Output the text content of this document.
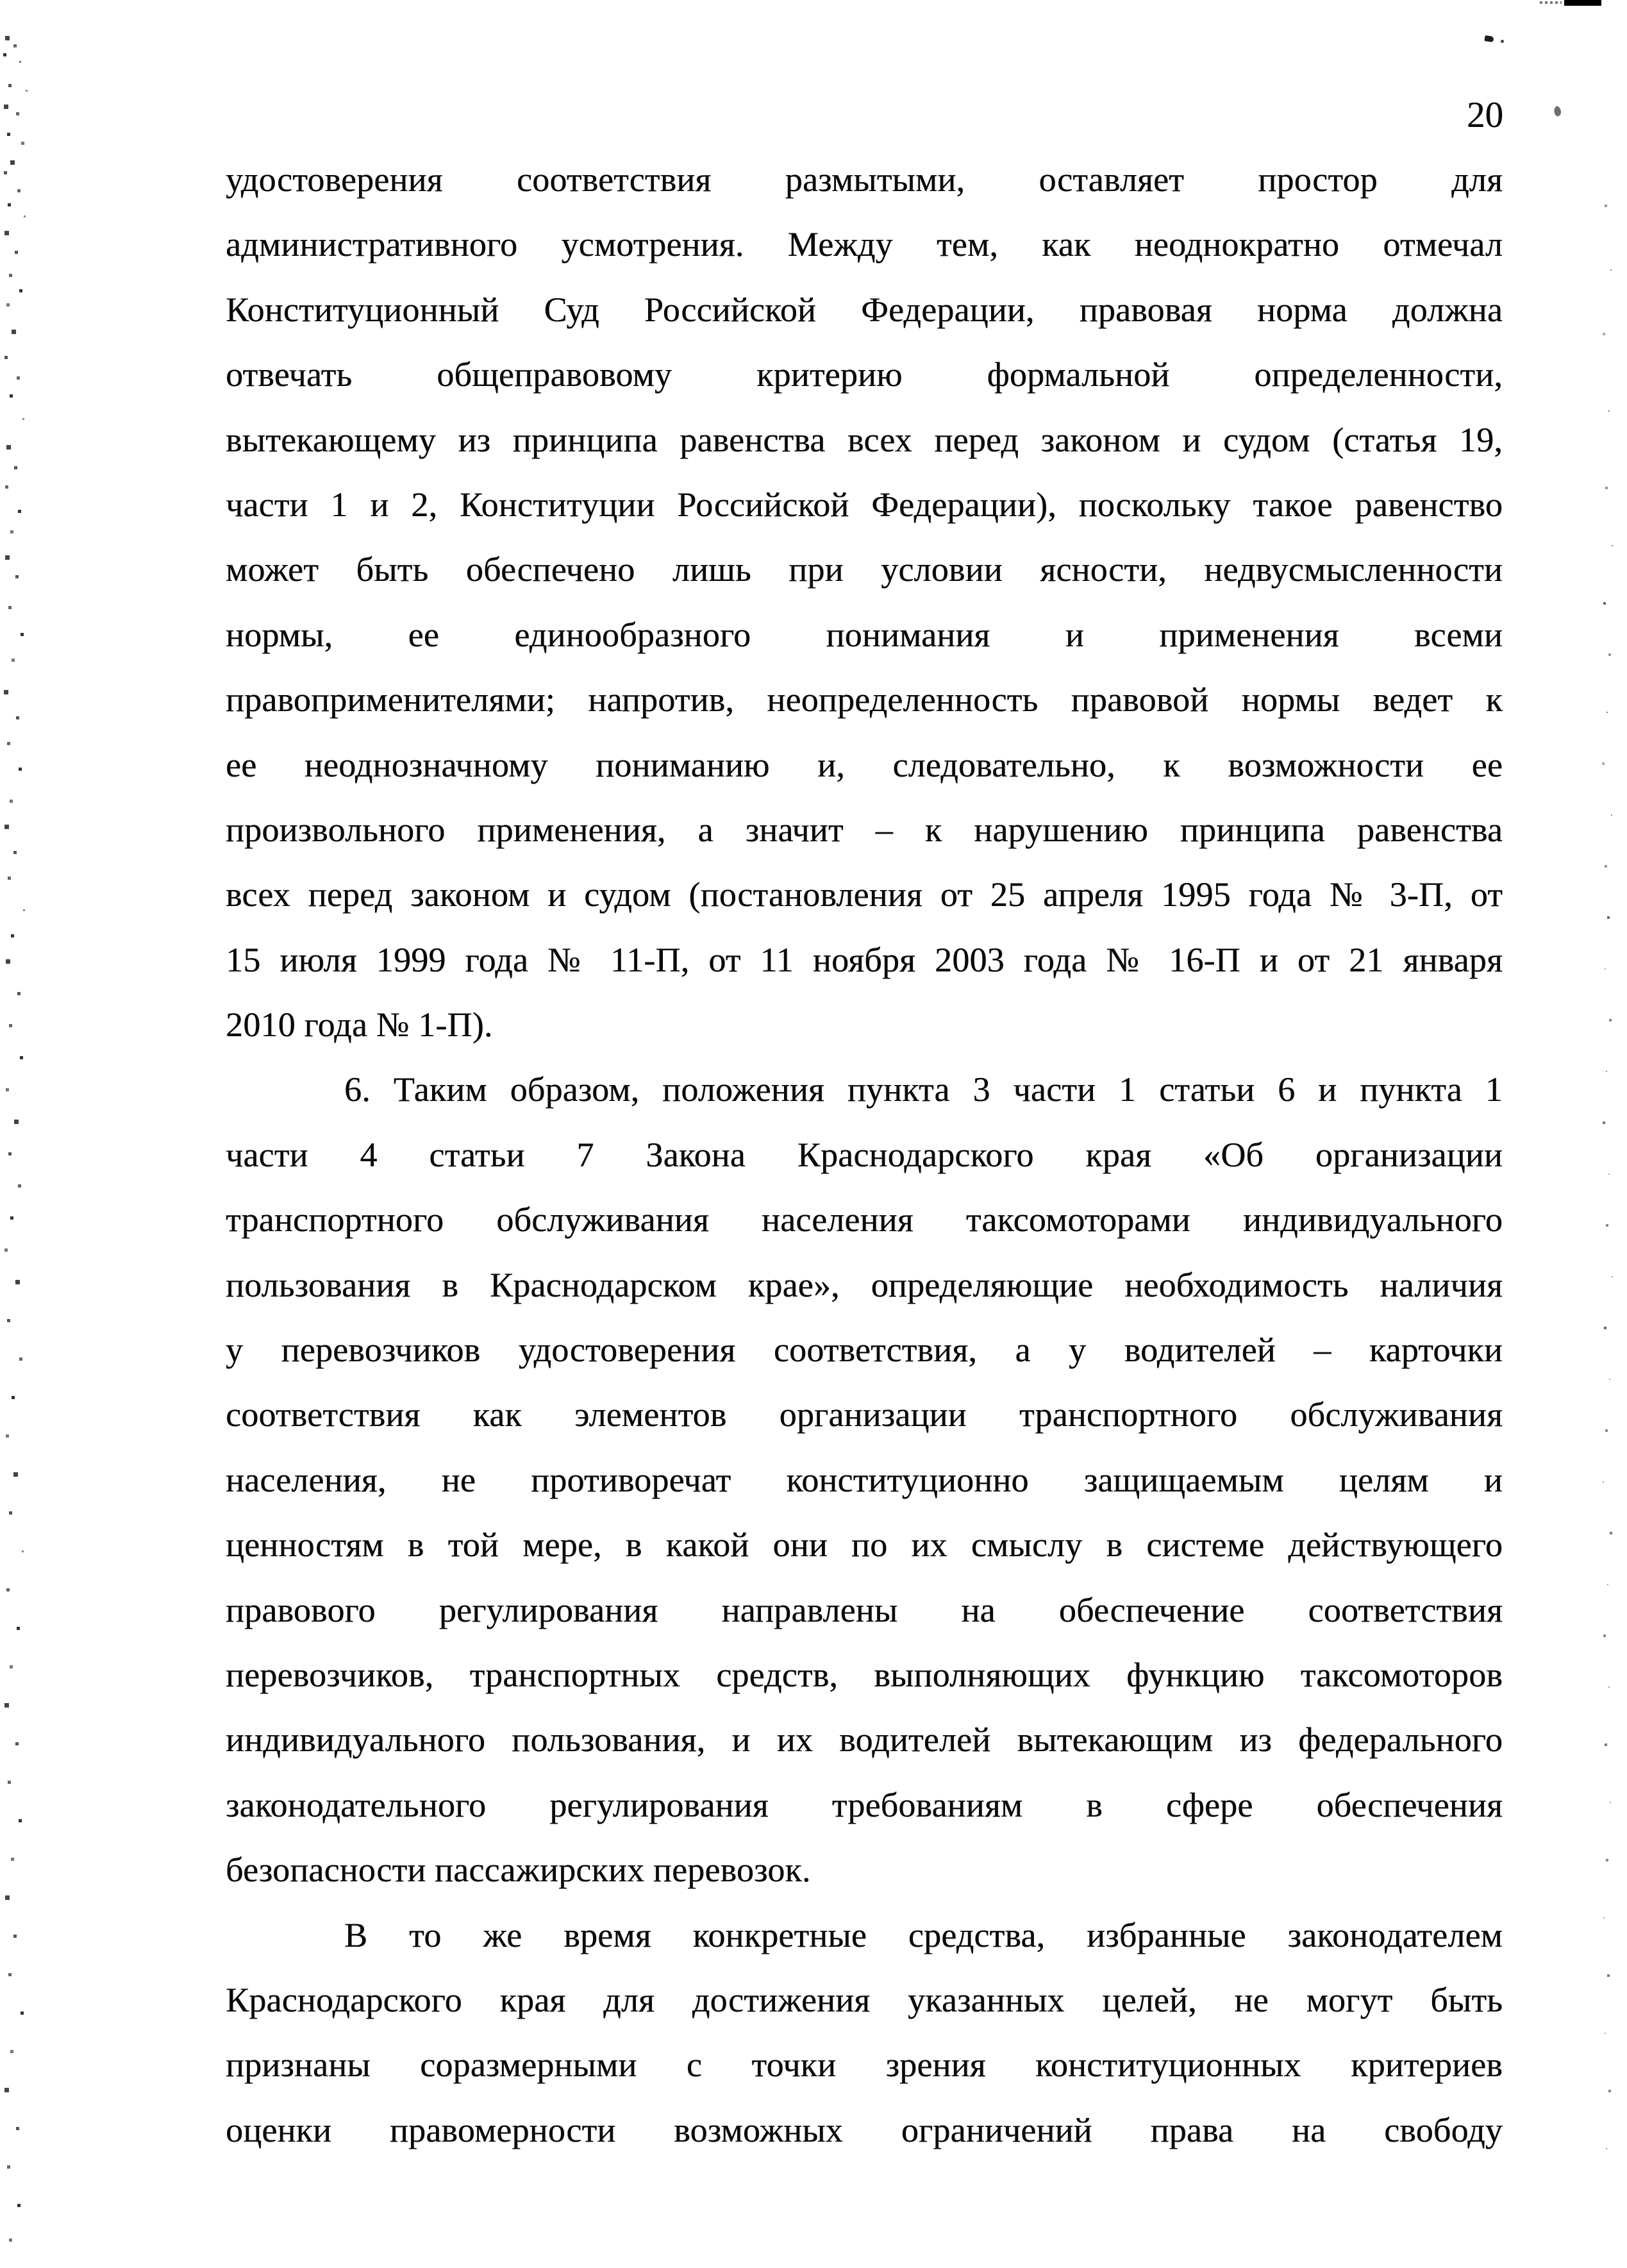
20
удостоверения соответствия размытыми, оставляет простор для
административного усмотрения. Между тем, как неоднократно отмечал
Конституционный Суд Российской Федерации, правовая норма должна
отвечать общеправовому критерию формальной определенности,
вытекающему из принципа равенства всех перед законом и судом (статья 19,
части 1 и 2, Конституции Российской Федерации), поскольку такое равенство
может быть обеспечено лишь при условии ясности, недвусмысленности
нормы, ее единообразного понимания и применения всеми
правоприменителями; напротив, неопределенность правовой нормы ведет к
ее неоднозначному пониманию и, следовательно, к возможности ее
произвольного применения, а значит – к нарушению принципа равенства
всех перед законом и судом (постановления от 25 апреля 1995 года № 3-П, от
15 июля 1999 года № 11-П, от 11 ноября 2003 года № 16-П и от 21 января
2010 года № 1-П).
6. Таким образом, положения пункта 3 части 1 статьи 6 и пункта 1
части 4 статьи 7 Закона Краснодарского края «Об организации
транспортного обслуживания населения таксомоторами индивидуального
пользования в Краснодарском крае», определяющие необходимость наличия
у перевозчиков удостоверения соответствия, а у водителей – карточки
соответствия как элементов организации транспортного обслуживания
населения, не противоречат конституционно защищаемым целям и
ценностям в той мере, в какой они по их смыслу в системе действующего
правового регулирования направлены на обеспечение соответствия
перевозчиков, транспортных средств, выполняющих функцию таксомоторов
индивидуального пользования, и их водителей вытекающим из федерального
законодательного регулирования требованиям в сфере обеспечения
безопасности пассажирских перевозок.
В то же время конкретные средства, избранные законодателем
Краснодарского края для достижения указанных целей, не могут быть
признаны соразмерными с точки зрения конституционных критериев
оценки правомерности возможных ограничений права на свободу
